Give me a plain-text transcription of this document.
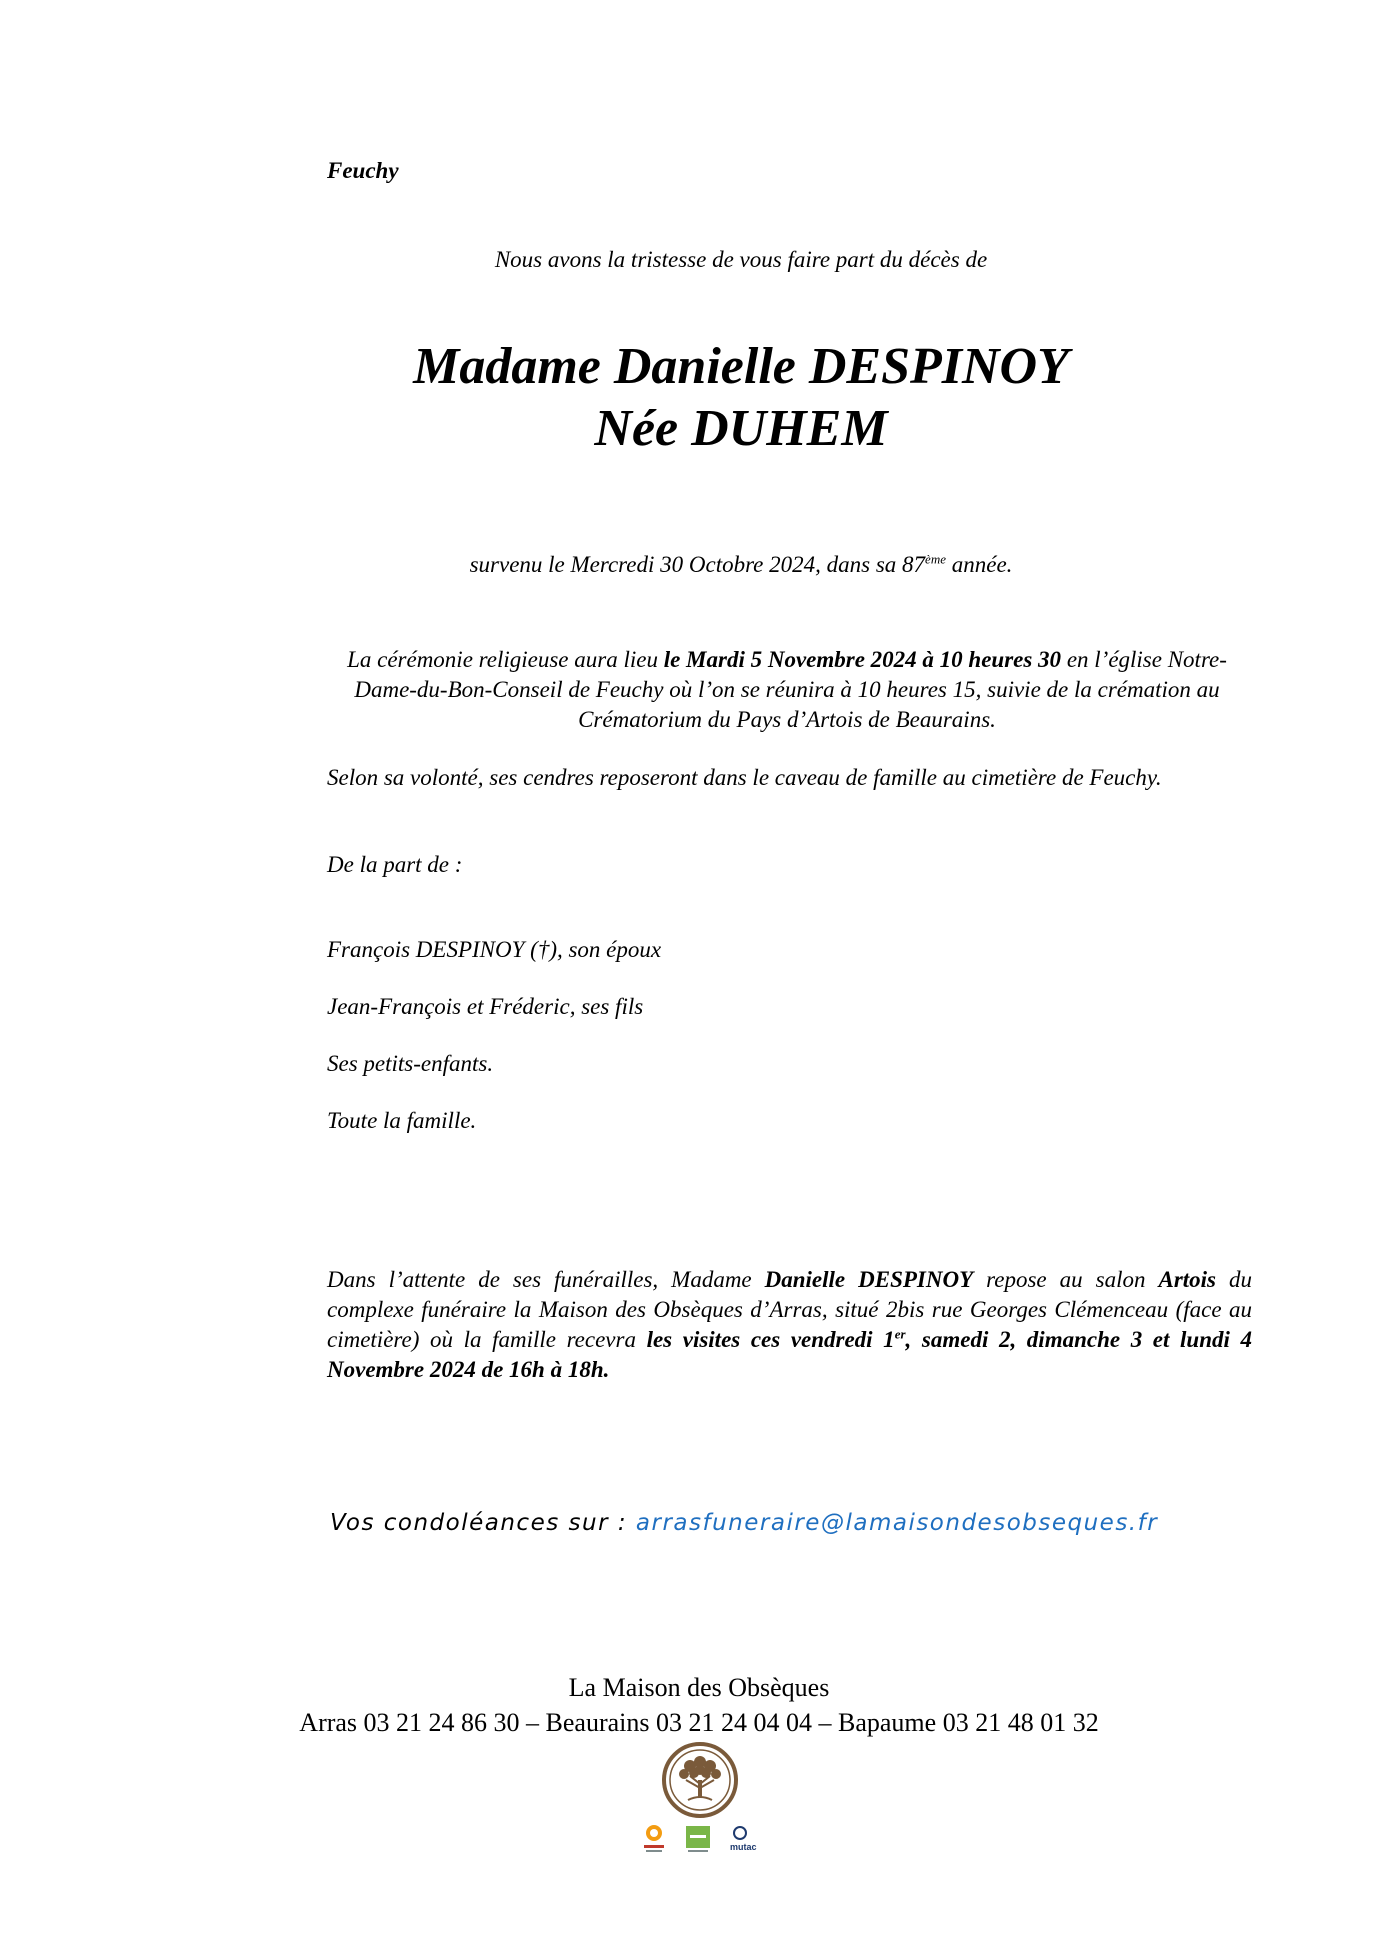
Feuchy
Nous avons la tristesse de vous faire part du décès de
Madame Danielle DESPINOY
Née DUHEM
survenu le Mercredi 30 Octobre 2024, dans sa 87ème année.
La cérémonie religieuse aura lieu le Mardi 5 Novembre 2024 à 10 heures 30 en l’église Notre-Dame-du-Bon-Conseil de Feuchy où l’on se réunira à 10 heures 15, suivie de la crémation au Crématorium du Pays d’Artois de Beaurains.
Selon sa volonté, ses cendres reposeront dans le caveau de famille au cimetière de Feuchy.
De la part de :
François DESPINOY (†), son époux
Jean-François et Fréderic, ses fils
Ses petits-enfants.
Toute la famille.
Dans l’attente de ses funérailles, Madame Danielle DESPINOY repose au salon Artois du complexe funéraire la Maison des Obsèques d’Arras, situé 2bis rue Georges Clémenceau (face au cimetière) où la famille recevra les visites ces vendredi 1er, samedi 2, dimanche 3 et lundi 4 Novembre 2024 de 16h à 18h.
Vos condoléances sur : arrasfuneraire@lamaisondesobseques.fr
La Maison des Obsèques
Arras 03 21 24 86 30 – Beaurains 03 21 24 04 04 – Bapaume 03 21 48 01 32
mutac
